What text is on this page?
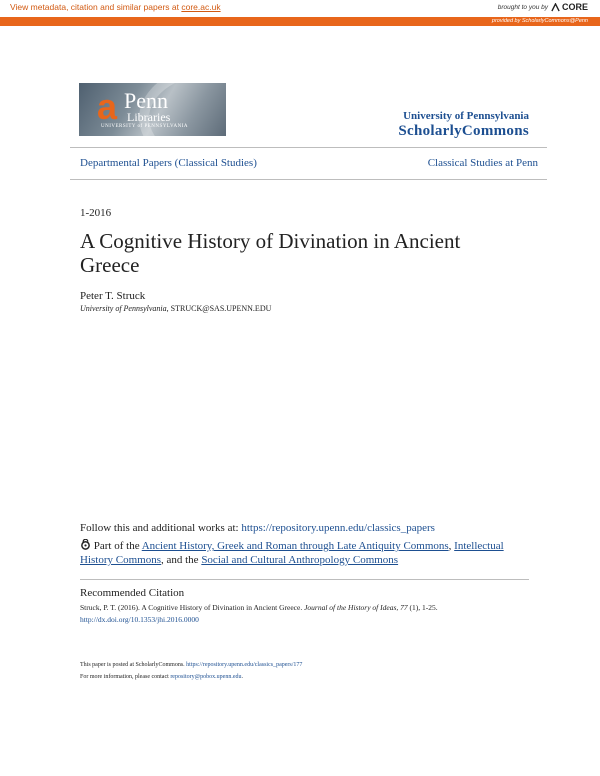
View metadata, citation and similar papers at core.ac.uk	brought to you by CORE
provided by ScholarlyCommons@Penn
a Penn
Libraries
UNIVERSITY of PENNSYLVANIA
University of Pennsylvania
ScholarlyCommons
Departmental Papers (Classical Studies)	Classical Studies at Penn
1-2016
A Cognitive History of Divination in Ancient Greece
Peter T. Struck
University of Pennsylvania, STRUCK@SAS.UPENN.EDU
Follow this and additional works at: https://repository.upenn.edu/classics_papers
Part of the Ancient History, Greek and Roman through Late Antiquity Commons, Intellectual History Commons, and the Social and Cultural Anthropology Commons
Recommended Citation
Struck, P. T. (2016). A Cognitive History of Divination in Ancient Greece. Journal of the History of Ideas, 77 (1), 1-25.
http://dx.doi.org/10.1353/jhi.2016.0000
This paper is posted at ScholarlyCommons. https://repository.upenn.edu/classics_papers/177
For more information, please contact repository@pobox.upenn.edu.
